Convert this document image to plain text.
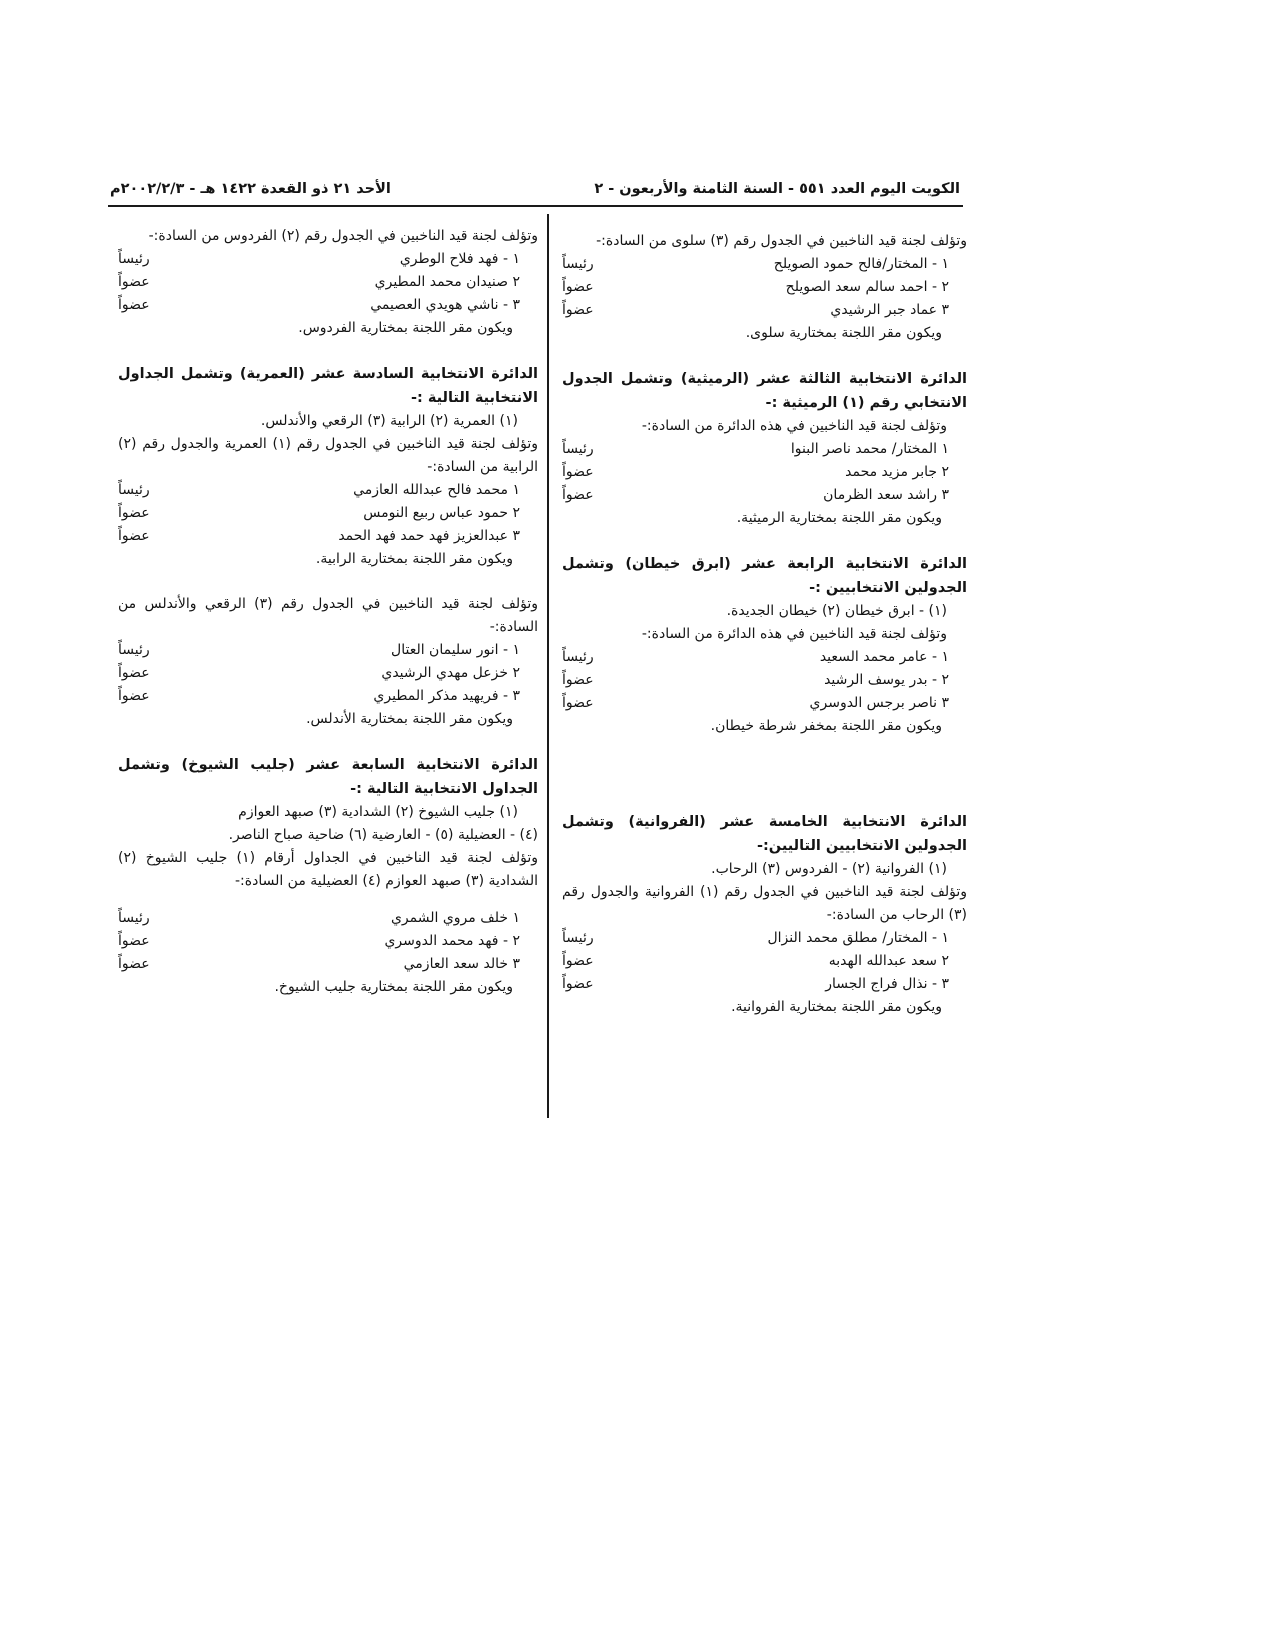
الكويت اليوم العدد ٥٥١ - السنة الثامنة والأربعون - ٢
الأحد ٢١ ذو القعدة ١٤٢٢ هـ - ٢٠٠٢/٢/٣م

وتؤلف لجنة قيد الناخبين في الجدول رقم (٣) سلوى من السادة:-

١ - المختار/فالح حمود الصويلح
رئيساً
٢ - احمد سالم سعد الصويلح
عضواً
٣ عماد جبر الرشيدي
عضواً

ويكون مقر اللجنة بمختارية سلوى.

الدائرة الانتخابية الثالثة عشر (الرميثية) وتشمل الجدول الانتخابي رقم (١) الرميثية :-

وتؤلف لجنة قيد الناخبين في هذه الدائرة من السادة:-

١ المختار/ محمد ناصر البنوا
رئيساً
٢ جابر مزيد محمد
عضواً
٣ راشد سعد الظرمان
عضواً

ويكون مقر اللجنة بمختارية الرميثية.

الدائرة الانتخابية الرابعة عشر (ابرق خيطان) وتشمل الجدولين الانتخابيين :-

(١) - ابرق خيطان (٢) خيطان الجديدة.

وتؤلف لجنة قيد الناخبين في هذه الدائرة من السادة:-

١ - عامر محمد السعيد
رئيساً
٢ - بدر يوسف الرشيد
عضواً
٣ ناصر برجس الدوسري
عضواً

ويكون مقر اللجنة بمخفر شرطة خيطان.

الدائرة الانتخابية الخامسة عشر (الفروانية) وتشمل الجدولين الانتخابيين التاليين:-

(١) الفروانية (٢) - الفردوس (٣) الرحاب.

وتؤلف لجنة قيد الناخبين في الجدول رقم (١) الفروانية والجدول رقم (٣) الرحاب من السادة:-

١ - المختار/ مطلق محمد النزال
رئيساً
٢ سعد عبدالله الهدبه
عضواً
٣ - نذال فراج الجسار
عضواً

ويكون مقر اللجنة بمختارية الفروانية.

وتؤلف لجنة قيد الناخبين في الجدول رقم (٢) الفردوس من السادة:-

١ - فهد فلاح الوطري
رئيساً
٢ صنيدان محمد المطيري
عضواً
٣ - ناشي هويدي العصيمي
عضواً

ويكون مقر اللجنة بمختارية الفردوس.

الدائرة الانتخابية السادسة عشر (العمرية) وتشمل الجداول الانتخابية التالية :-

(١) العمرية (٢) الرابية (٣) الرقعي والأندلس.

وتؤلف لجنة قيد الناخبين في الجدول رقم (١) العمرية والجدول رقم (٢) الرابية من السادة:-

١ محمد فالح عبدالله العازمي
رئيساً
٢ حمود عباس ربيع النومس
عضواً
٣ عبدالعزيز فهد حمد فهد الحمد
عضواً

ويكون مقر اللجنة بمختارية الرابية.

وتؤلف لجنة قيد الناخبين في الجدول رقم (٣) الرقعي والأندلس من السادة:-

١ - انور سليمان العتال
رئيساً
٢ خزعل مهدي الرشيدي
عضواً
٣ - فريهيد مذكر المطيري
عضواً

ويكون مقر اللجنة بمختارية الأندلس.

الدائرة الانتخابية السابعة عشر (جليب الشيوخ) وتشمل الجداول الانتخابية التالية :-

(١) جليب الشيوخ (٢) الشدادية (٣) صبهد العوازم

(٤) - العضيلية (٥) - العارضية (٦) ضاحية صباح الناصر.

وتؤلف لجنة قيد الناخبين في الجداول أرقام (١) جليب الشيوخ (٢) الشدادية (٣) صبهد العوازم (٤) العضيلية من السادة:-

١ خلف مروي الشمري
رئيساً
٢ - فهد محمد الدوسري
عضواً
٣ خالد سعد العازمي
عضواً

ويكون مقر اللجنة بمختارية جليب الشيوخ.
